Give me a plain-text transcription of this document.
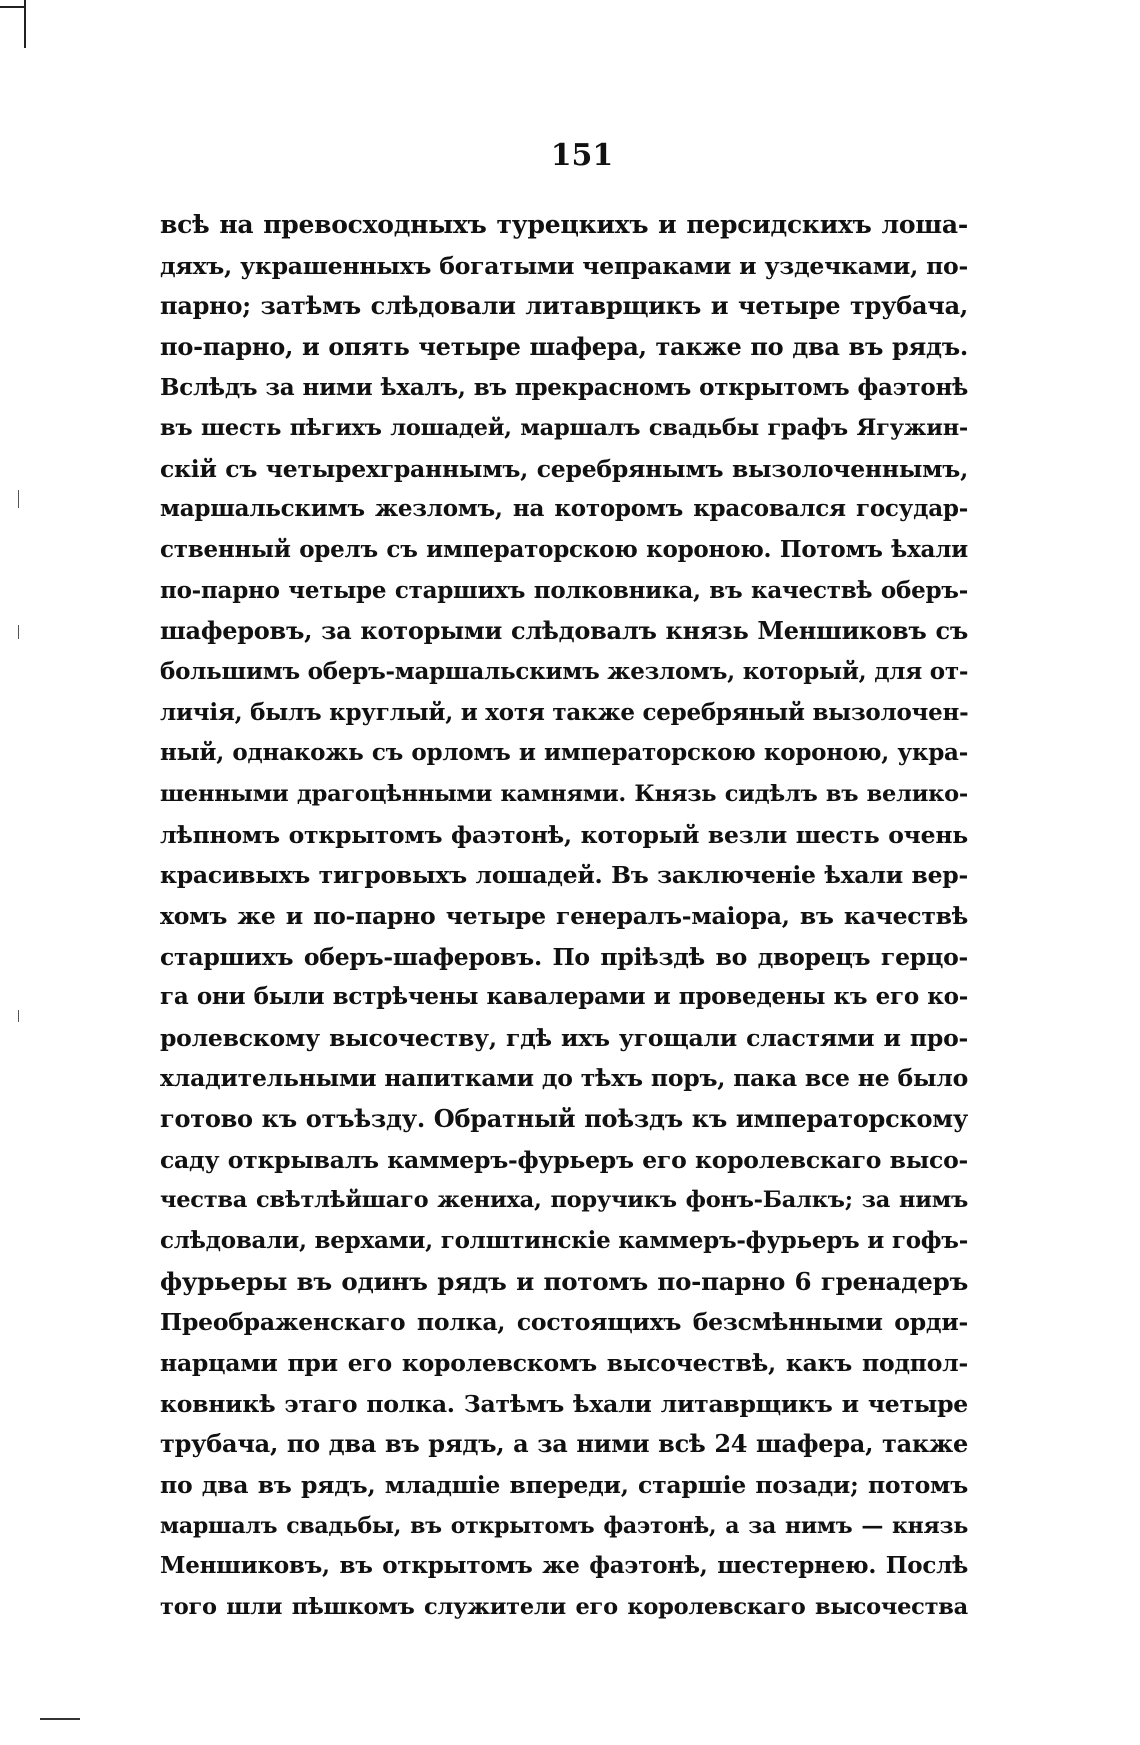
151
всѣ на превосходныхъ турецкихъ и персидскихъ лоша-
дяхъ, украшенныхъ богатыми чепраками и уздечками, по-
парно; затѣмъ слѣдовали литаврщикъ и четыре трубача,
по-парно, и опять четыре шафера, также по два въ рядъ.
Вслѣдъ за ними ѣхалъ, въ прекрасномъ открытомъ фаэтонѣ
въ шесть пѣгихъ лошадей, маршалъ свадьбы графъ Ягужин-
скій съ четырехграннымъ, серебрянымъ вызолоченнымъ,
маршальскимъ жезломъ, на которомъ красовался государ-
ственный орелъ съ императорскою короною. Потомъ ѣхали
по-парно четыре старшихъ полковника, въ качествѣ оберъ-
шаферовъ, за которыми слѣдовалъ князь Меншиковъ съ
большимъ оберъ-маршальскимъ жезломъ, который, для от-
личія, былъ круглый, и хотя также серебряный вызолочен-
ный, однакожь съ орломъ и императорскою короною, укра-
шенными драгоцѣнными камнями. Князь сидѣлъ въ велико-
лѣпномъ открытомъ фаэтонѣ, который везли шесть очень
красивыхъ тигровыхъ лошадей. Въ заключеніе ѣхали вер-
хомъ же и по-парно четыре генералъ-маіора, въ качествѣ
старшихъ оберъ-шаферовъ. По пріѣздѣ во дворецъ герцо-
га они были встрѣчены кавалерами и проведены къ его ко-
ролевскому высочеству, гдѣ ихъ угощали сластями и про-
хладительными напитками до тѣхъ поръ, пака все не было
готово къ отъѣзду. Обратный поѣздъ къ императорскому
саду открывалъ каммеръ-фурьеръ его королевскаго высо-
чества свѣтлѣйшаго жениха, поручикъ фонъ-Балкъ; за нимъ
слѣдовали, верхами, голштинскіе каммеръ-фурьеръ и гофъ-
фурьеры въ одинъ рядъ и потомъ по-парно 6 гренадеръ
Преображенскаго полка, состоящихъ безсмѣнными орди-
нарцами при его королевскомъ высочествѣ, какъ подпол-
ковникѣ этаго полка. Затѣмъ ѣхали литаврщикъ и четыре
трубача, по два въ рядъ, а за ними всѣ 24 шафера, также
по два въ рядъ, младшіе впереди, старшіе позади; потомъ
маршалъ свадьбы, въ открытомъ фаэтонѣ, а за нимъ — князь
Меншиковъ, въ открытомъ же фаэтонѣ, шестернею. Послѣ
того шли пѣшкомъ служители его королевскаго высочества
